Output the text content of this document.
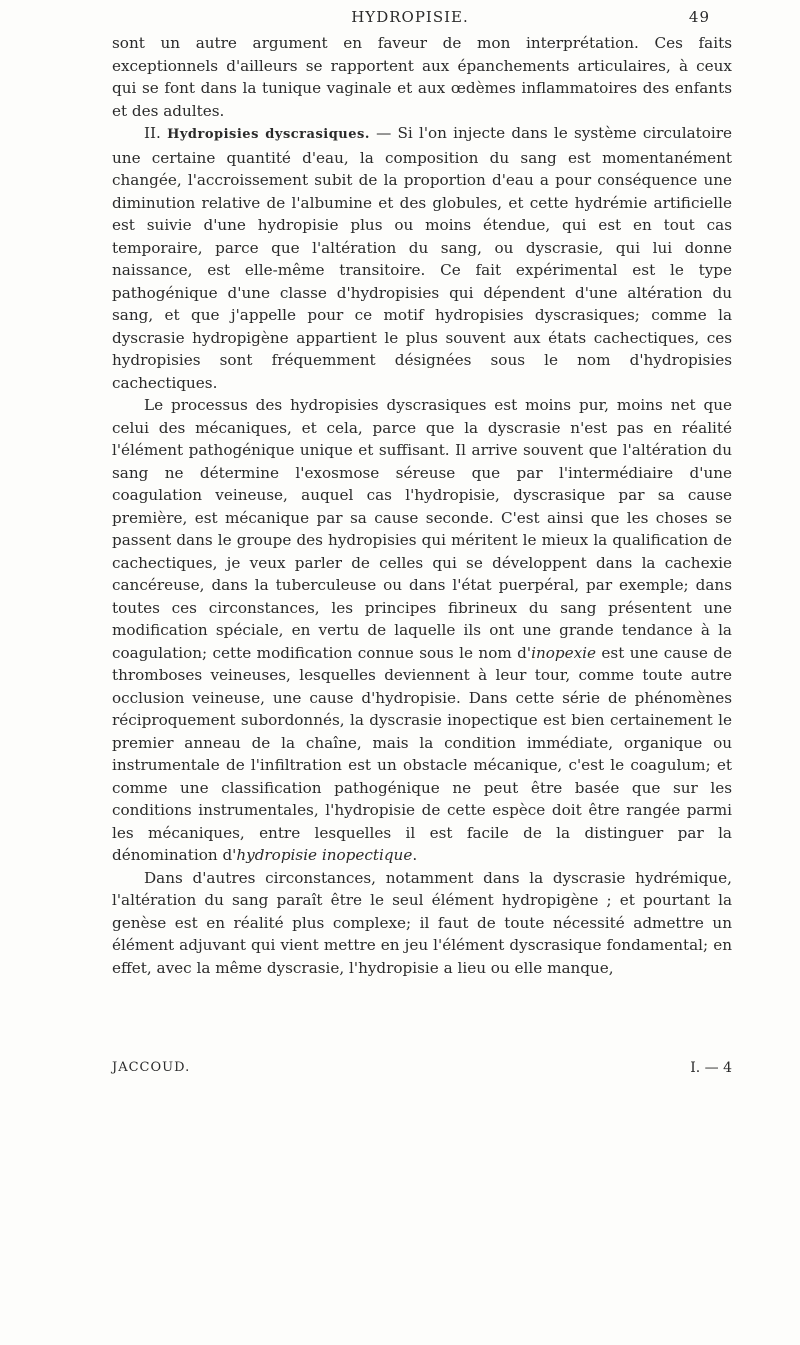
HYDROPISIE.	49

sont un autre argument en faveur de mon interprétation. Ces faits exceptionnels d'ailleurs se rapportent aux épanchements articulaires, à ceux qui se font dans la tunique vaginale et aux œdèmes inflammatoires des enfants et des adultes.

II. Hydropisies dyscrasiques. — Si l'on injecte dans le système circulatoire une certaine quantité d'eau, la composition du sang est momentanément changée, l'accroissement subit de la proportion d'eau a pour conséquence une diminution relative de l'albumine et des globules, et cette hydrémie artificielle est suivie d'une hydropisie plus ou moins étendue, qui est en tout cas temporaire, parce que l'altération du sang, ou dyscrasie, qui lui donne naissance, est elle-même transitoire. Ce fait expérimental est le type pathogénique d'une classe d'hydropisies qui dépendent d'une altération du sang, et que j'appelle pour ce motif hydropisies dyscrasiques; comme la dyscrasie hydropigène appartient le plus souvent aux états cachectiques, ces hydropisies sont fréquemment désignées sous le nom d'hydropisies cachectiques.

Le processus des hydropisies dyscrasiques est moins pur, moins net que celui des mécaniques, et cela, parce que la dyscrasie n'est pas en réalité l'élément pathogénique unique et suffisant. Il arrive souvent que l'altération du sang ne détermine l'exosmose séreuse que par l'intermédiaire d'une coagulation veineuse, auquel cas l'hydropisie, dyscrasique par sa cause première, est mécanique par sa cause seconde. C'est ainsi que les choses se passent dans le groupe des hydropisies qui méritent le mieux la qualification de cachectiques, je veux parler de celles qui se développent dans la cachexie cancéreuse, dans la tuberculeuse ou dans l'état puerpéral, par exemple; dans toutes ces circonstances, les principes fibrineux du sang présentent une modification spéciale, en vertu de laquelle ils ont une grande tendance à la coagulation; cette modification connue sous le nom d'inopexie est une cause de thromboses veineuses, lesquelles deviennent à leur tour, comme toute autre occlusion veineuse, une cause d'hydropisie. Dans cette série de phénomènes réciproquement subordonnés, la dyscrasie inopectique est bien certainement le premier anneau de la chaîne, mais la condition immédiate, organique ou instrumentale de l'infiltration est un obstacle mécanique, c'est le coagulum; et comme une classification pathogénique ne peut être basée que sur les conditions instrumentales, l'hydropisie de cette espèce doit être rangée parmi les mécaniques, entre lesquelles il est facile de la distinguer par la dénomination d'hydropisie inopectique.

Dans d'autres circonstances, notamment dans la dyscrasie hydrémique, l'altération du sang paraît être le seul élément hydropigène ; et pourtant la genèse est en réalité plus complexe; il faut de toute nécessité admettre un élément adjuvant qui vient mettre en jeu l'élément dyscrasique fondamental; en effet, avec la même dyscrasie, l'hydropisie a lieu ou elle manque,

JACCOUD.	I. — 4
